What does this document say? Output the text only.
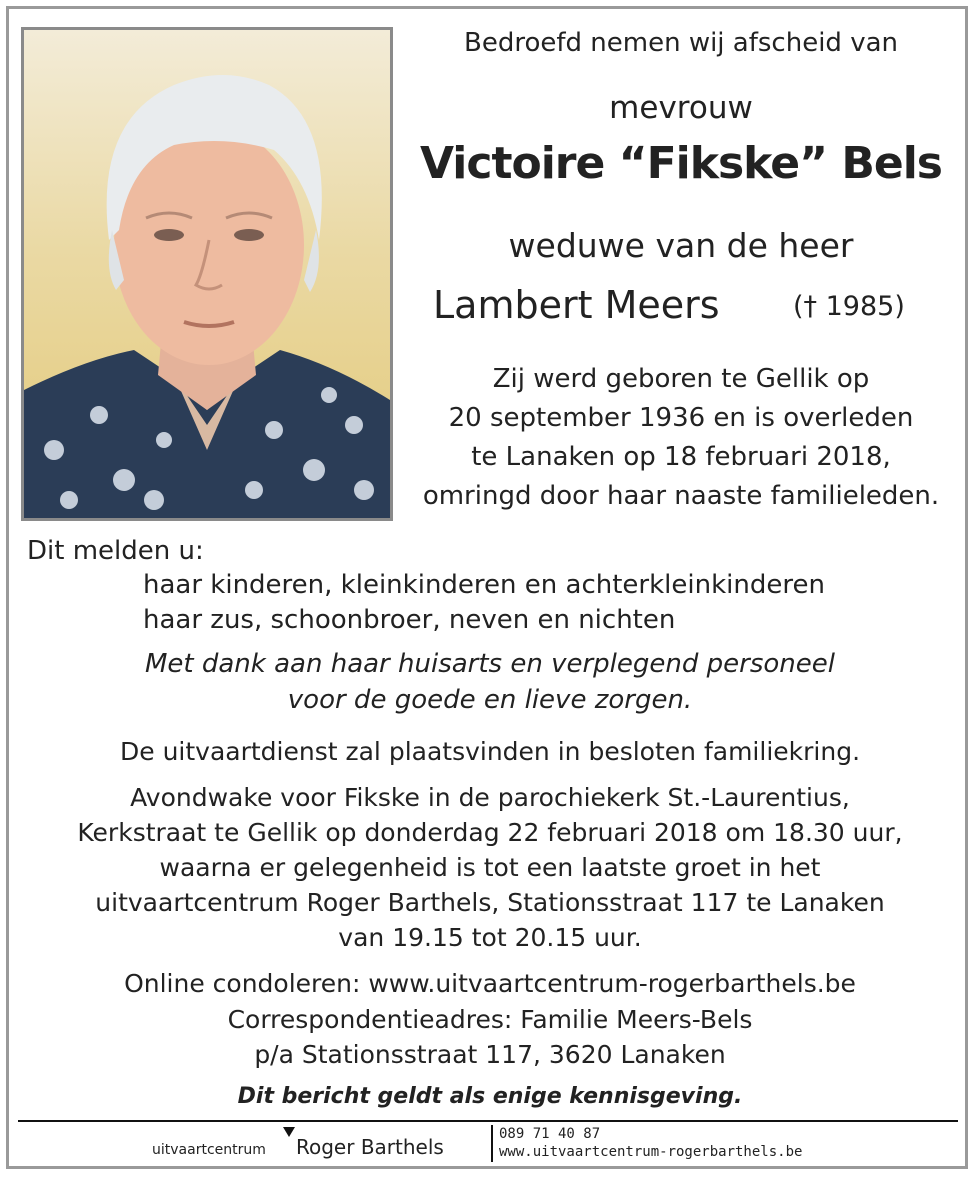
Bedroefd nemen wij afscheid van
mevrouw
Victoire “Fikske” Bels
weduwe van de heer
Lambert Meers	(† 1985)
Zij werd geboren te Gellik op
20 september 1936 en is overleden
te Lanaken op 18 februari 2018,
omringd door haar naaste familieleden.
Dit melden u:
haar kinderen, kleinkinderen en achterkleinkinderen
haar zus, schoonbroer, neven en nichten
Met dank aan haar huisarts en verplegend personeel
voor de goede en lieve zorgen.
De uitvaartdienst zal plaatsvinden in besloten familiekring.
Avondwake voor Fikske in de parochiekerk St.-Laurentius,
Kerkstraat te Gellik op donderdag 22 februari 2018 om 18.30 uur,
waarna er gelegenheid is tot een laatste groet in het
uitvaartcentrum Roger Barthels, Stationsstraat 117 te Lanaken
van 19.15 tot 20.15 uur.
Online condoleren: www.uitvaartcentrum-rogerbarthels.be
Correspondentieadres: Familie Meers-Bels
p/a Stationsstraat 117, 3620 Lanaken
Dit bericht geldt als enige kennisgeving.
uitvaartcentrum Roger Barthels
089 71 40 87
www.uitvaartcentrum-rogerbarthels.be
